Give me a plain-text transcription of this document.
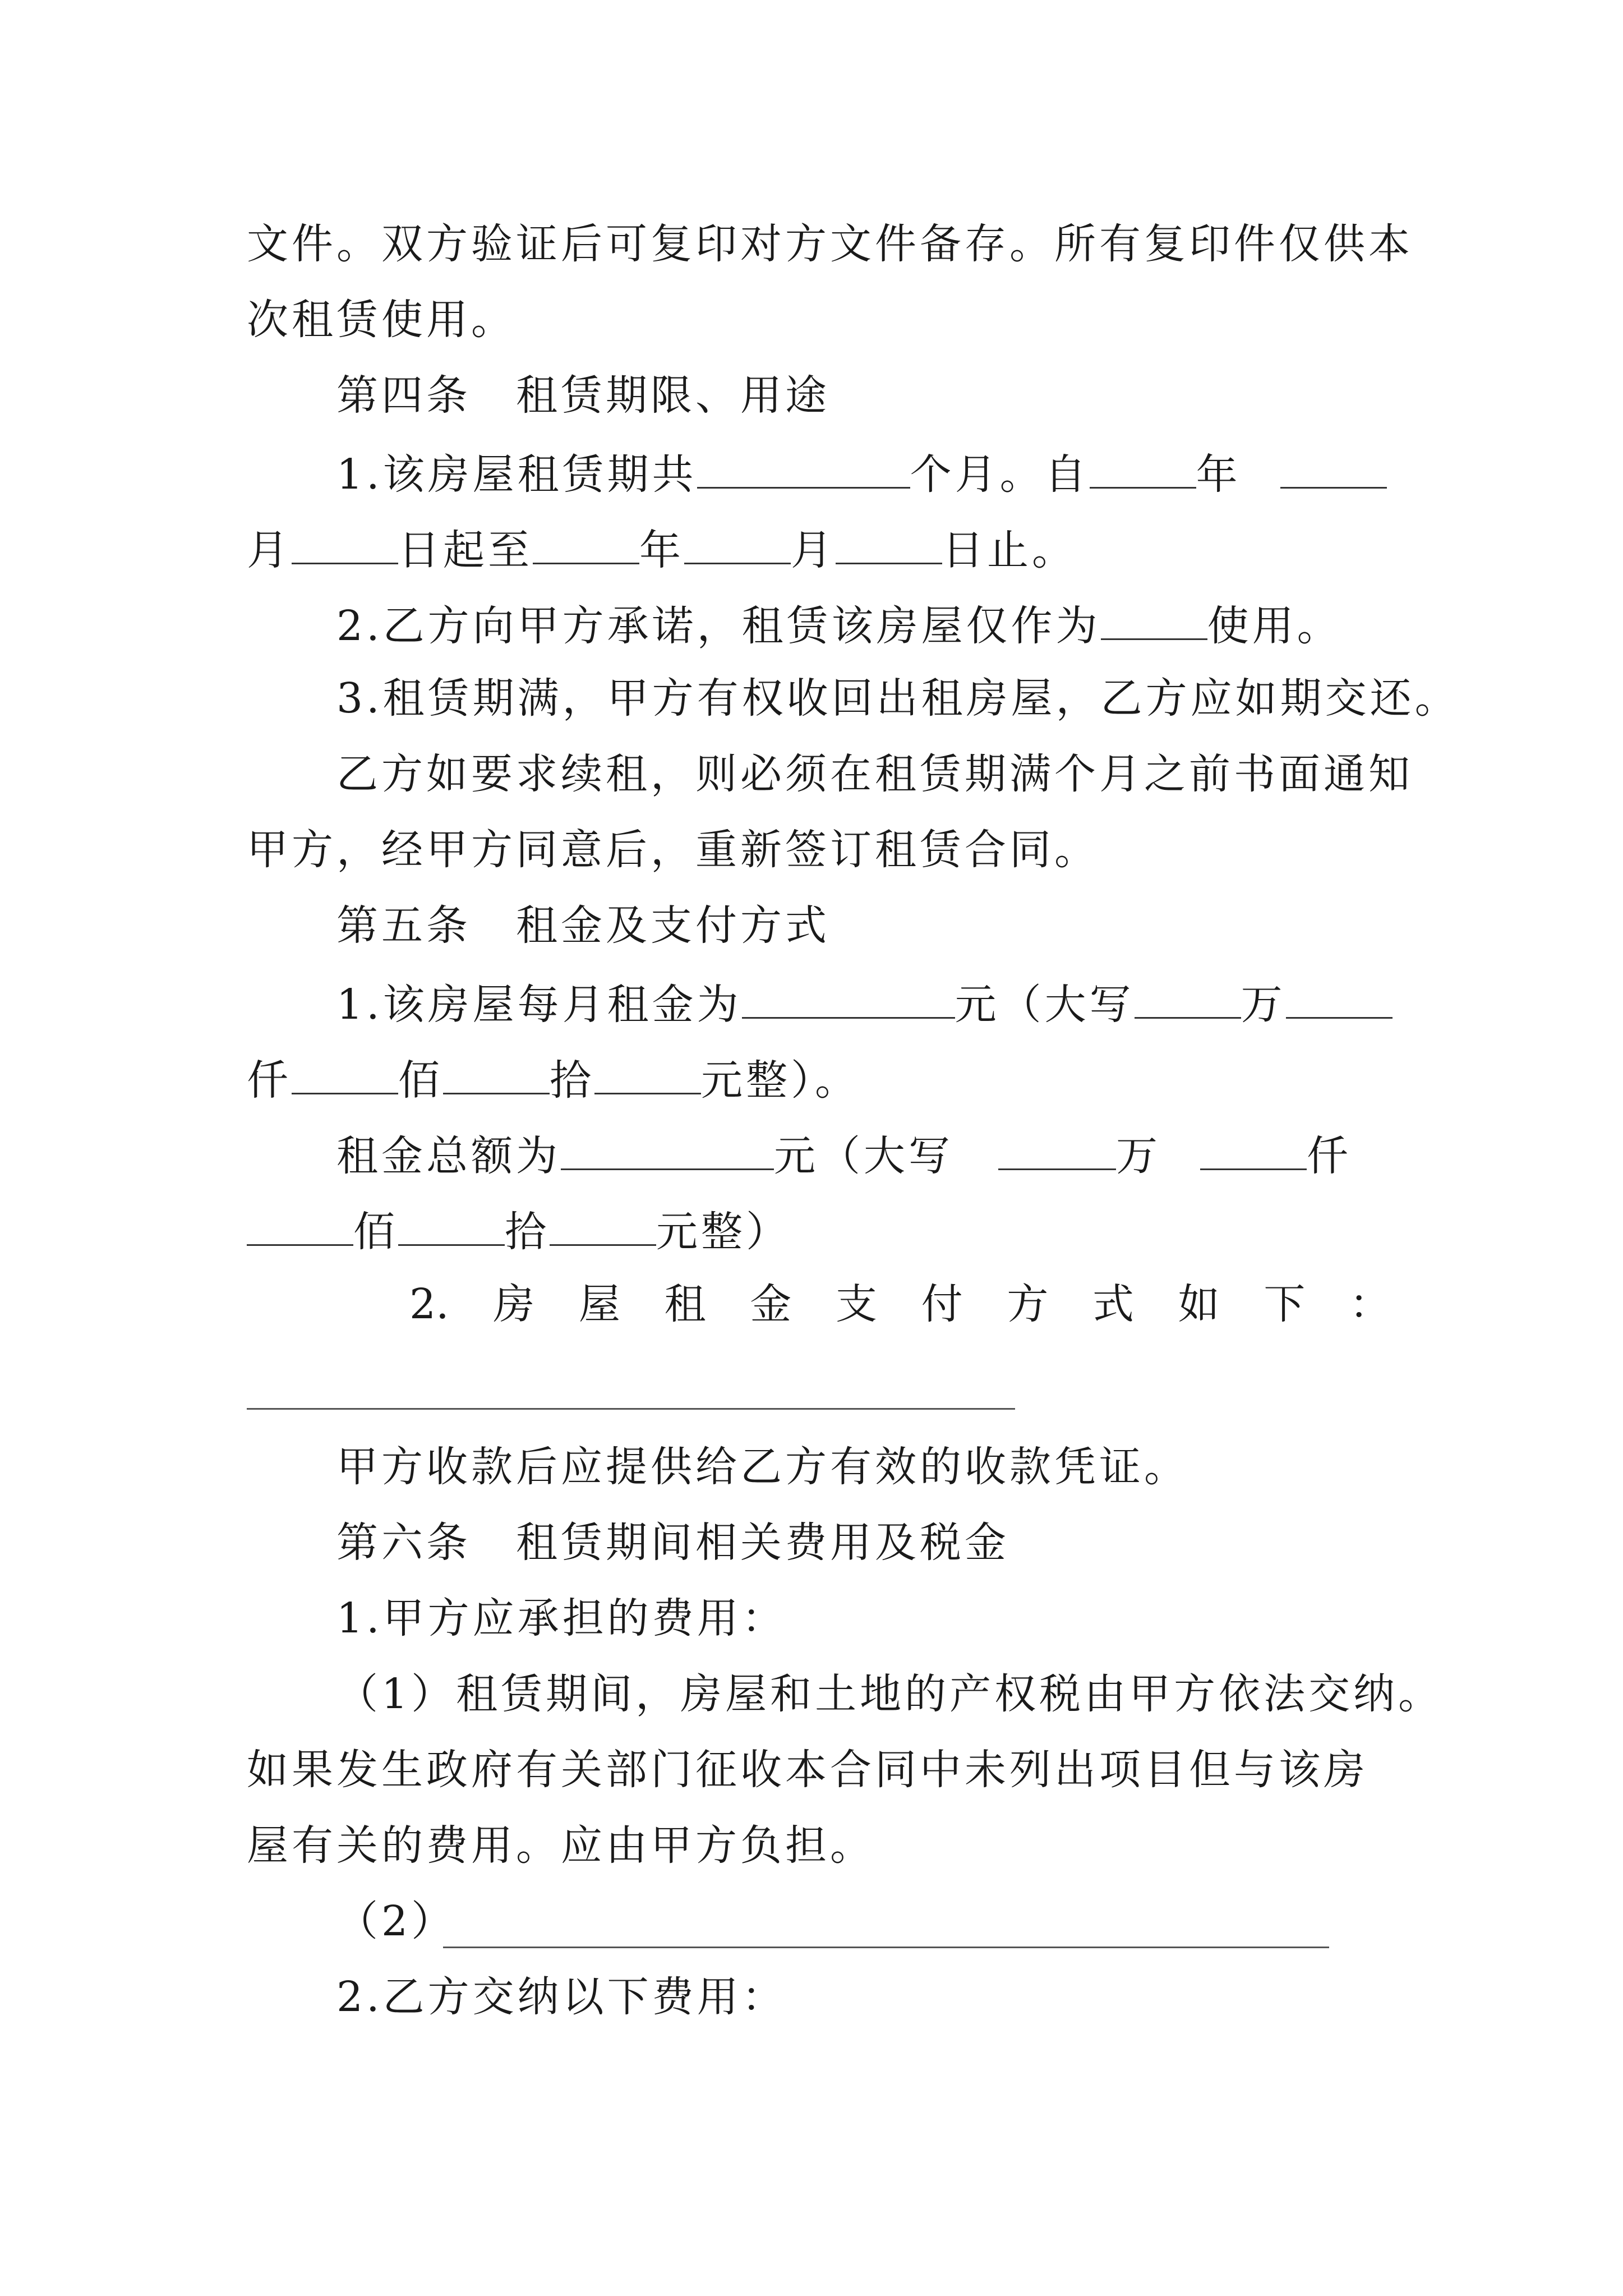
文件。双方验证后可复印对方文件备存。所有复印件仅供本
次租赁使用。
第四条 租赁期限、用途
1.该房屋租赁期共	个月。自	年
月	日起至	年	月	日止。
2.乙方向甲方承诺，租赁该房屋仅作为	使用。
3.租赁期满，甲方有权收回出租房屋，乙方应如期交还。
乙方如要求续租，则必须在租赁期满个月之前书面通知
甲方，经甲方同意后，重新签订租赁合同。
第五条 租金及支付方式
1.该房屋每月租金为	元（大写	万
仟	佰	拾	元整）。
租金总额为	元（大写	万	仟
佰	拾	元整）
2. 房 屋 租 金 支 付 方 式 如 下 ：
甲方收款后应提供给乙方有效的收款凭证。
第六条 租赁期间相关费用及税金
1.甲方应承担的费用：
（1）租赁期间，房屋和土地的产权税由甲方依法交纳。
如果发生政府有关部门征收本合同中未列出项目但与该房
屋有关的费用。应由甲方负担。
（2）
2.乙方交纳以下费用：
